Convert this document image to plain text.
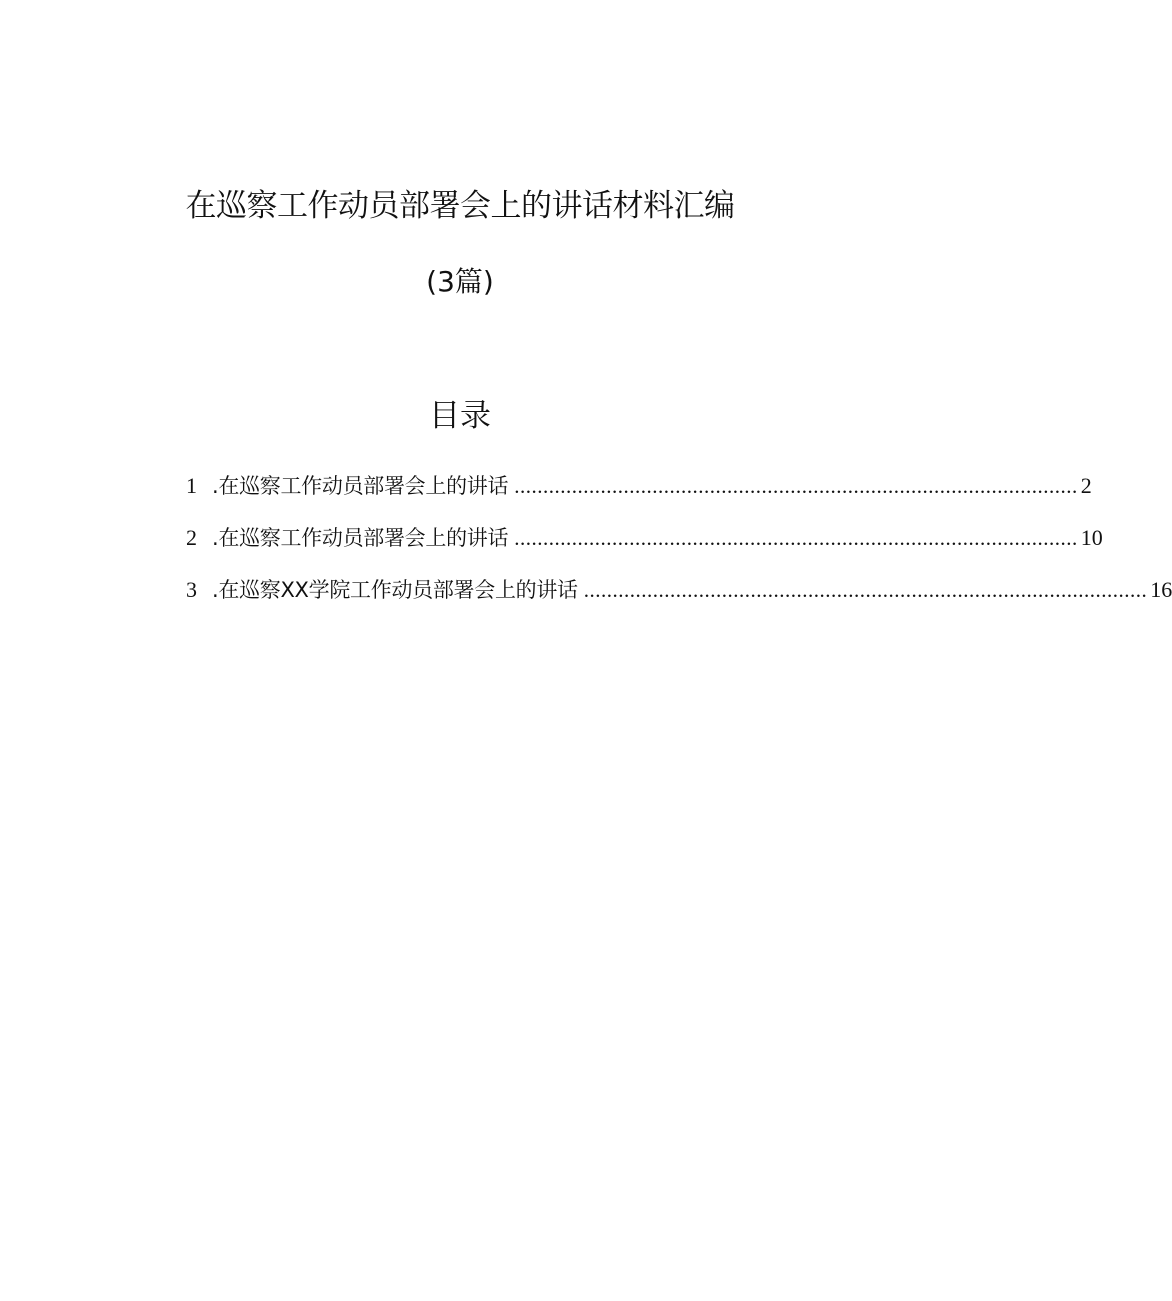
在巡察工作动员部署会上的讲话材料汇编
(3篇)
目录
1 .在巡察工作动员部署会上的讲话 .................................................................................................. 2
2 .在巡察工作动员部署会上的讲话 .................................................................................................. 10
3 .在巡察XX学院工作动员部署会上的讲话 .................................................................................................. 16
